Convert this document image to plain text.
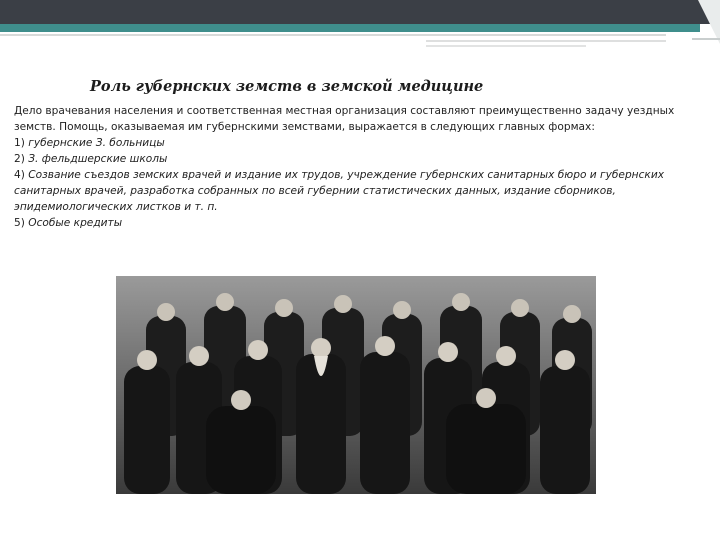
Роль губернских земств в земской медицине

Дело врачевания населения и соответственная местная организация составляют преимущественно задачу уездных земств. Помощь, оказываемая им губернскими земствами, выражается в следующих главных формах:

1) губернские З. больницы

2) З. фельдшерские школы

4) Созвание съездов земских врачей и издание их трудов, учреждение губернских санитарных бюро и губернских санитарных врачей, разработка собранных по всей губернии статистических данных, издание сборников, эпидемиологических листков и т. п.

5) Особые кредиты
